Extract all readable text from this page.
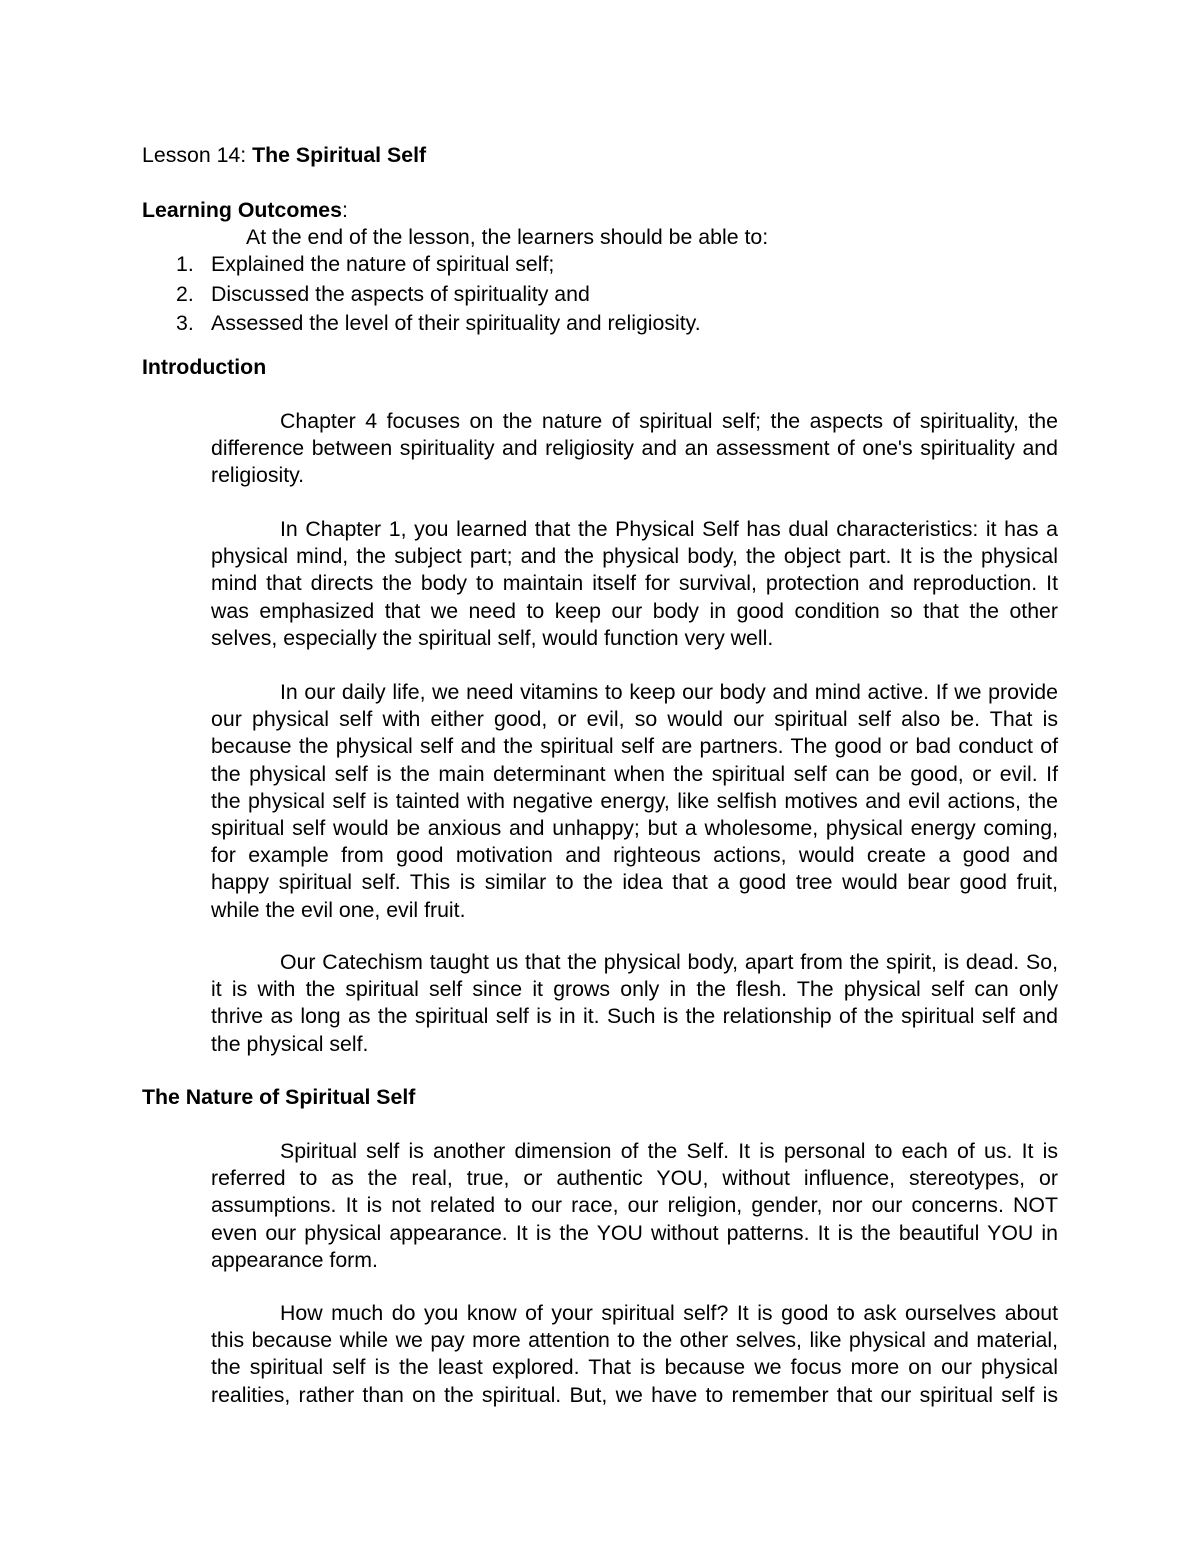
Lesson 14: The Spiritual Self
Learning Outcomes:
At the end of the lesson, the learners should be able to:
1. Explained the nature of spiritual self;
2. Discussed the aspects of spirituality and
3. Assessed the level of their spirituality and religiosity.
Introduction
Chapter 4 focuses on the nature of spiritual self; the aspects of spirituality, the
difference between spirituality and religiosity and an assessment of one's spirituality and
religiosity.
In Chapter 1, you learned that the Physical Self has dual characteristics: it has a
physical mind, the subject part; and the physical body, the object part. It is the physical
mind that directs the body to maintain itself for survival, protection and reproduction. It
was emphasized that we need to keep our body in good condition so that the other
selves, especially the spiritual self, would function very well.
In our daily life, we need vitamins to keep our body and mind active. If we provide
our physical self with either good, or evil, so would our spiritual self also be. That is
because the physical self and the spiritual self are partners. The good or bad conduct of
the physical self is the main determinant when the spiritual self can be good, or evil. If
the physical self is tainted with negative energy, like selfish motives and evil actions, the
spiritual self would be anxious and unhappy; but a wholesome, physical energy coming,
for example from good motivation and righteous actions, would create a good and
happy spiritual self. This is similar to the idea that a good tree would bear good fruit,
while the evil one, evil fruit.
Our Catechism taught us that the physical body, apart from the spirit, is dead. So,
it is with the spiritual self since it grows only in the flesh. The physical self can only
thrive as long as the spiritual self is in it. Such is the relationship of the spiritual self and
the physical self.
The Nature of Spiritual Self
Spiritual self is another dimension of the Self. It is personal to each of us. It is
referred to as the real, true, or authentic YOU, without influence, stereotypes, or
assumptions. It is not related to our race, our religion, gender, nor our concerns. NOT
even our physical appearance. It is the YOU without patterns. It is the beautiful YOU in
appearance form.
How much do you know of your spiritual self? It is good to ask ourselves about
this because while we pay more attention to the other selves, like physical and material,
the spiritual self is the least explored. That is because we focus more on our physical
realities, rather than on the spiritual. But, we have to remember that our spiritual self is
